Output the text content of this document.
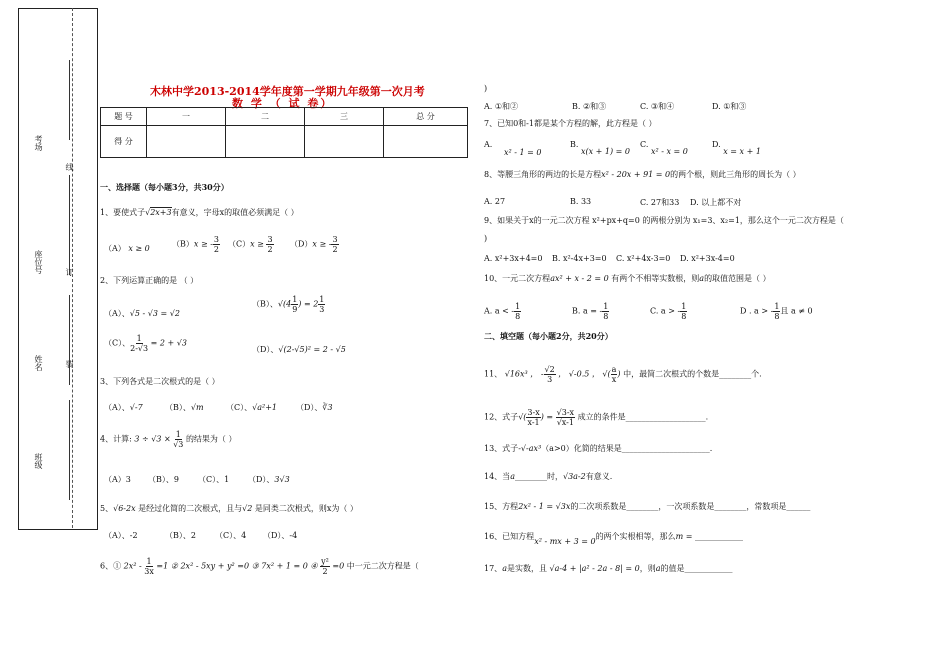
考场
座位号
姓名
班级
线
订
装
木林中学2013-2014学年度第一学期九年级第一次月考
数 学 （ 试 卷）
题 号	一	二	三	总 分
得 分				
一、选择题（每小题3分，共30分）
1、要使式子√2x+3有意义，字母x的取值必须满足（ ）
（A） x ≥ 0	（B）x ≥ - $\frac{3}{2} (C)x \ge \frac{3}{2} (D)x$ ≥ - $\frac{3}{2}$
2、下列运算正确的是 （ ）
（A）、√5 - √3 = √2
（B）、$√(4 \frac{1}{9}$ ) = $2 \frac{1}{3}$
（C）、 $\frac{1}{2-√3} = 2 + √3$
（D）、√(2-√5)² = 2 - √5
3、下列各式是二次根式的是（ ）
（A）、√-7	（B）、√m	（C）、√a²+1 （D）、∛3
4、计算: $3 \div √3 \times \frac{1}{√3}$ 的结果为（ ）
（A）3 （B）、9 （C）、1 （D）、3√3
5、√6-2x 是经过化简的二次根式，且与√2 是同类二次根式，则x为（ ）
（A）、-2	（B）、2 （C）、4 （D）、-4
6、① $2x^2 - \frac{1}{3x} =1$ ② 2x² - 5xy + y² =0 ③ 7x² + 1 = 0 ④ $\frac{\text{y²}}{2} =0$ 中一元二次方程是（
)
A. ①和②	B. ②和③	C. ③和④	D. ①和③
7、已知0和-1都是某个方程的解，此方程是（ ）
A.
x² - 1 = 0
B. x(x + 1) = 0
C. x² - x = 0
D. x = x + 1
8、等腰三角形的两边的长是方程x² - 20x + 91 = 0的两个根，则此三角形的周长为（ ）
A. 27	B. 33	C. 27和33 D. 以上都不对
9、如果关于x的一元二次方程 x²+px+q=0 的两根分别为 x₁=3、x₂=1，那么这个一元二次方程是（
)
A. x²+3x+4=0 B. x²-4x+3=0 C. x²+4x-3=0 D. x²+3x-4=0
10、一元二次方程ax² + x - 2 = 0 有两个不相等实数根，则a的取值范围是（ ）
A. a < - $\frac{1}{8}$	B. a = - $\frac{1}{8}$	C. a > - $\frac{1}{8}$	D . a > - $\frac{1}{8}$ 且 a ≠ 0
二、填空题（每小题2分，共20分）
11、 √16x³ ， - $\frac{√2}{3}$ ， √-0.5 ， √( $\frac{a}{x}$ ) 中，最简二次根式的个数是________个.
12、式子√( $\frac{3-x}{x-1}$ ) = $\frac{√3-x}{√x-1}$ 成立的条件是____________________.
13、式子-√-ax³（a>0）化简的结果是______________________.
14、当a________时，√3a-2有意义.
15、方程2x² - 1 = √3x的二次项系数是________，一次项系数是________，常数项是______
16、已知方程x² - mx + 3 = 0的两个实根相等，那么m = ____________
17、a是实数，且 √a-4 + |a² - 2a - 8| = 0，则a的值是____________
